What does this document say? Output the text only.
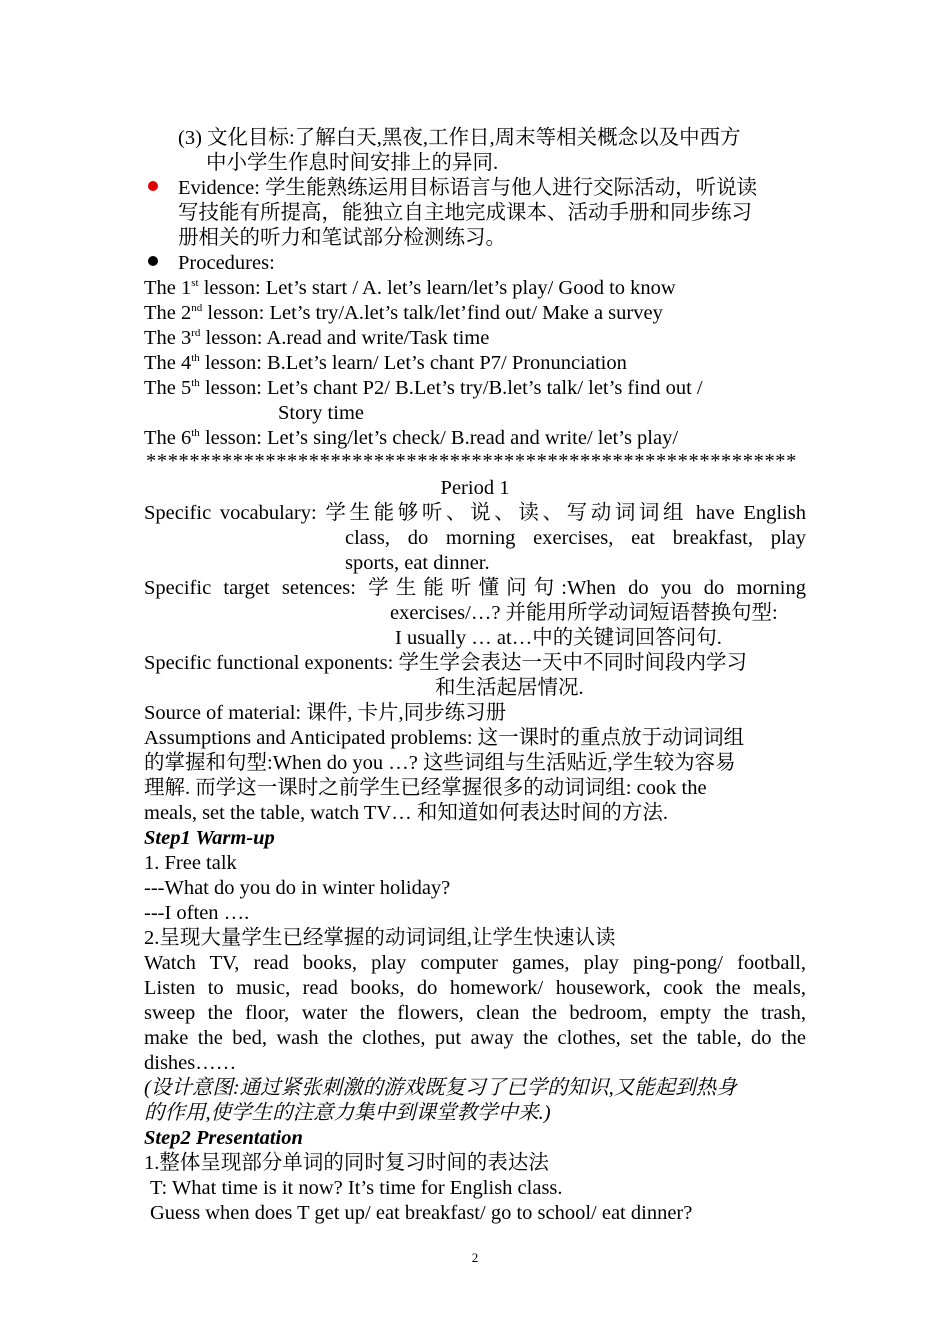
(3) 文化目标:了解白天,黑夜,工作日,周末等相关概念以及中西方
中小学生作息时间安排上的异同.
Evidence: 学生能熟练运用目标语言与他人进行交际活动，听说读
写技能有所提高，能独立自主地完成课本、活动手册和同步练习
册相关的听力和笔试部分检测练习。
Procedures:
The 1st lesson: Let’s start / A. let’s learn/let’s play/ Good to know
The 2nd lesson: Let’s try/A.let’s talk/let’find out/ Make a survey
The 3rd lesson: A.read and write/Task time
The 4th lesson: B.Let’s learn/ Let’s chant P7/ Pronunciation
The 5th lesson: Let’s chant P2/ B.Let’s try/B.let’s talk/ let’s find out /
Story time
The 6th lesson: Let’s sing/let’s check/ B.read and write/ let’s play/
************************************************************
Period 1
Specific vocabulary: 学生能够听、说、读、写动词词组 have English
class, do morning exercises, eat breakfast, play
sports, eat dinner.
Specific target setences: 学生能听懂问句:When do you do morning
exercises/…? 并能用所学动词短语替换句型:
I usually … at…中的关键词回答问句.
Specific functional exponents: 学生学会表达一天中不同时间段内学习
和生活起居情况.
Source of material: 课件, 卡片,同步练习册
Assumptions and Anticipated problems: 这一课时的重点放于动词词组
的掌握和句型:When do you …? 这些词组与生活贴近,学生较为容易
理解. 而学这一课时之前学生已经掌握很多的动词词组: cook the
meals, set the table, watch TV… 和知道如何表达时间的方法.
Step1 Warm-up
1. Free talk
---What do you do in winter holiday?
---I often ….
2.呈现大量学生已经掌握的动词词组,让学生快速认读
Watch TV, read books, play computer games, play ping-pong/ football,
Listen to music, read books, do homework/ housework, cook the meals,
sweep the floor, water the flowers, clean the bedroom, empty the trash,
make the bed, wash the clothes, put away the clothes, set the table, do the
dishes……
(设计意图:通过紧张刺激的游戏既复习了已学的知识,又能起到热身
的作用,使学生的注意力集中到课堂教学中来.)
Step2 Presentation
1.整体呈现部分单词的同时复习时间的表达法
T: What time is it now? It’s time for English class.
Guess when does T get up/ eat breakfast/ go to school/ eat dinner?
2
